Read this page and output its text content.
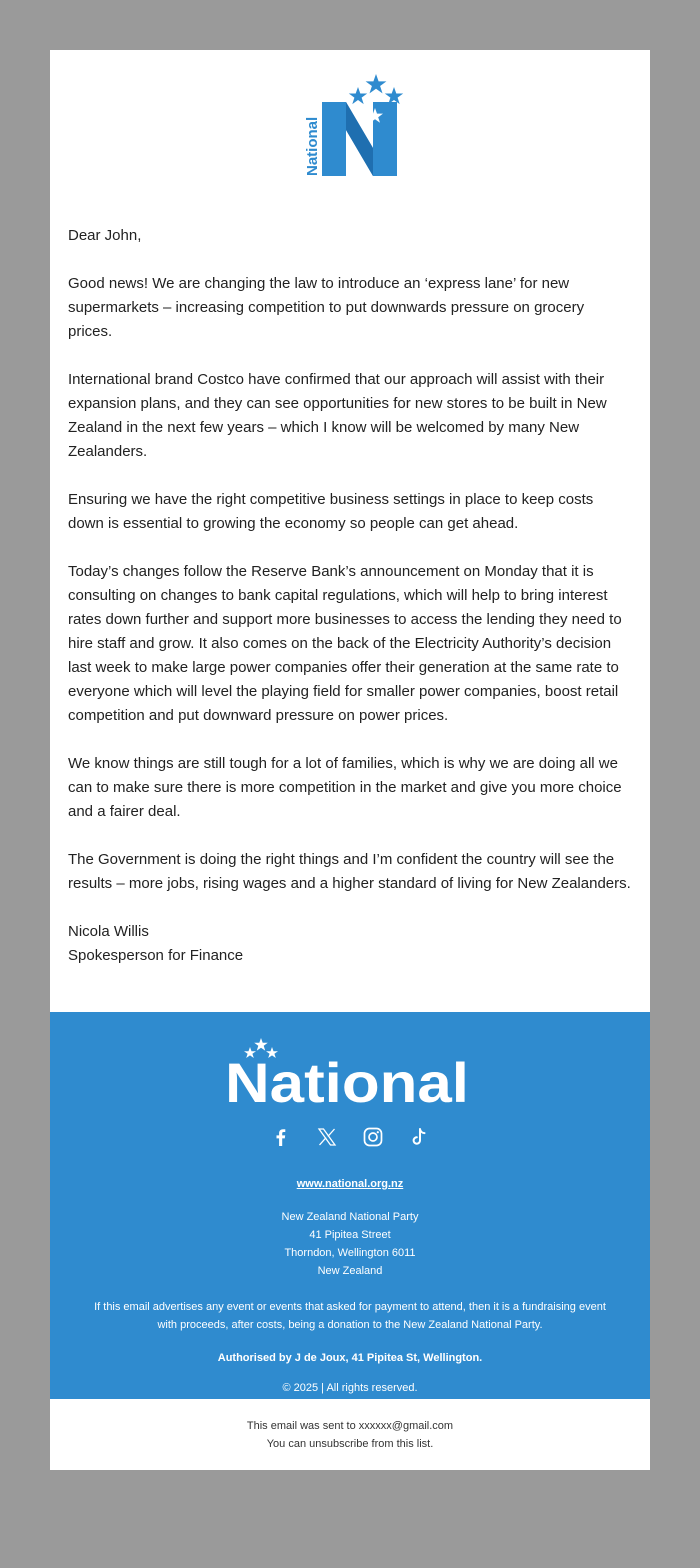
National

Dear John,

Good news! We are changing the law to introduce an ‘express lane’ for new supermarkets – increasing competition to put downwards pressure on grocery prices.

International brand Costco have confirmed that our approach will assist with their expansion plans, and they can see opportunities for new stores to be built in New Zealand in the next few years – which I know will be welcomed by many New Zealanders.

Ensuring we have the right competitive business settings in place to keep costs down is essential to growing the economy so people can get ahead.

Today’s changes follow the Reserve Bank’s announcement on Monday that it is consulting on changes to bank capital regulations, which will help to bring interest rates down further and support more businesses to access the lending they need to hire staff and grow. It also comes on the back of the Electricity Authority’s decision last week to make large power companies offer their generation at the same rate to everyone which will level the playing field for smaller power companies, boost retail competition and put downward pressure on power prices.

We know things are still tough for a lot of families, which is why we are doing all we can to make sure there is more competition in the market and give you more choice and a fairer deal.

The Government is doing the right things and I’m confident the country will see the results – more jobs, rising wages and a higher standard of living for New Zealanders.

Nicola Willis

Spokesperson for Finance

National
www.national.org.nz
New Zealand National Party
41 Pipitea Street
Thorndon, Wellington 6011
New Zealand
If this email advertises any event or events that asked for payment to attend, then it is a fundraising event with proceeds, after costs, being a donation to the New Zealand National Party.
Authorised by J de Joux, 41 Pipitea St, Wellington.
© 2025 | All rights reserved.
This email was sent to xxxxxx@gmail.com
You can unsubscribe from this list.
